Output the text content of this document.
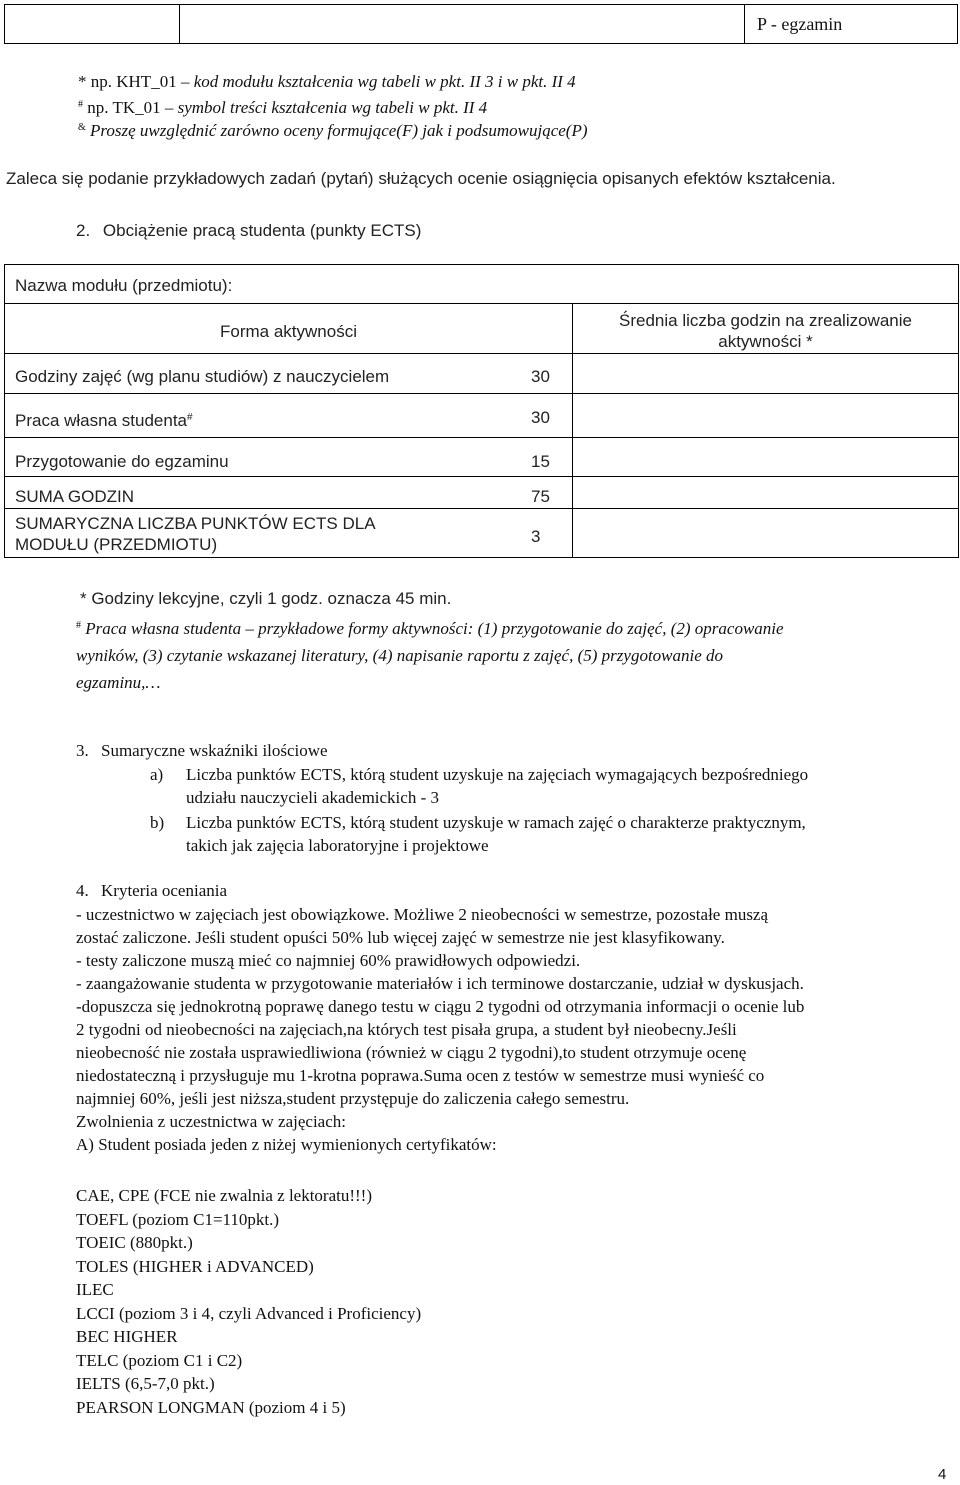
P - egzamin
* np. KHT_01 – kod modułu kształcenia wg tabeli w pkt. II 3 i w pkt. II 4
# np. TK_01 – symbol treści kształcenia wg tabeli w pkt. II 4
& Proszę uwzględnić zarówno oceny formujące(F) jak i podsumowujące(P)
Zaleca się podanie przykładowych zadań (pytań) służących ocenie osiągnięcia opisanych efektów kształcenia.
2. Obciążenie pracą studenta (punkty ECTS)
Nazwa modułu (przedmiotu):
Forma aktywności
Średnia liczba godzin na zrealizowanie
aktywności *
Godziny zajęć (wg planu studiów) z nauczycielem	30
Praca własna studenta#	30
Przygotowanie do egzaminu	15
SUMA GODZIN	75
SUMARYCZNA LICZBA PUNKTÓW ECTS DLA
MODUŁU (PRZEDMIOTU)	3
* Godziny lekcyjne, czyli 1 godz. oznacza 45 min.
# Praca własna studenta – przykładowe formy aktywności: (1) przygotowanie do zajęć, (2) opracowanie
wyników, (3) czytanie wskazanej literatury, (4) napisanie raportu z zajęć, (5) przygotowanie do
egzaminu,…
3. Sumaryczne wskaźniki ilościowe
a) Liczba punktów ECTS, którą student uzyskuje na zajęciach wymagających bezpośredniego
udziału nauczycieli akademickich - 3
b) Liczba punktów ECTS, którą student uzyskuje w ramach zajęć o charakterze praktycznym,
takich jak zajęcia laboratoryjne i projektowe
4. Kryteria oceniania
- uczestnictwo w zajęciach jest obowiązkowe. Możliwe 2 nieobecności w semestrze, pozostałe muszą
zostać zaliczone. Jeśli student opuści 50% lub więcej zajęć w semestrze nie jest klasyfikowany.
- testy zaliczone muszą mieć co najmniej 60% prawidłowych odpowiedzi.
- zaangażowanie studenta w przygotowanie materiałów i ich terminowe dostarczanie, udział w dyskusjach.
-dopuszcza się jednokrotną poprawę danego testu w ciągu 2 tygodni od otrzymania informacji o ocenie lub
2 tygodni od nieobecności na zajęciach,na których test pisała grupa, a student był nieobecny.Jeśli
nieobecność nie została usprawiedliwiona (również w ciągu 2 tygodni),to student otrzymuje ocenę
niedostateczną i przysługuje mu 1-krotna poprawa.Suma ocen z testów w semestrze musi wynieść co
najmniej 60%, jeśli jest niższa,student przystępuje do zaliczenia całego semestru.
Zwolnienia z uczestnictwa w zajęciach:
A) Student posiada jeden z niżej wymienionych certyfikatów:
CAE, CPE (FCE nie zwalnia z lektoratu!!!)
TOEFL (poziom C1=110pkt.)
TOEIC (880pkt.)
TOLES (HIGHER i ADVANCED)
ILEC
LCCI (poziom 3 i 4, czyli Advanced i Proficiency)
BEC HIGHER
TELC (poziom C1 i C2)
IELTS (6,5-7,0 pkt.)
PEARSON LONGMAN (poziom 4 i 5)
4
